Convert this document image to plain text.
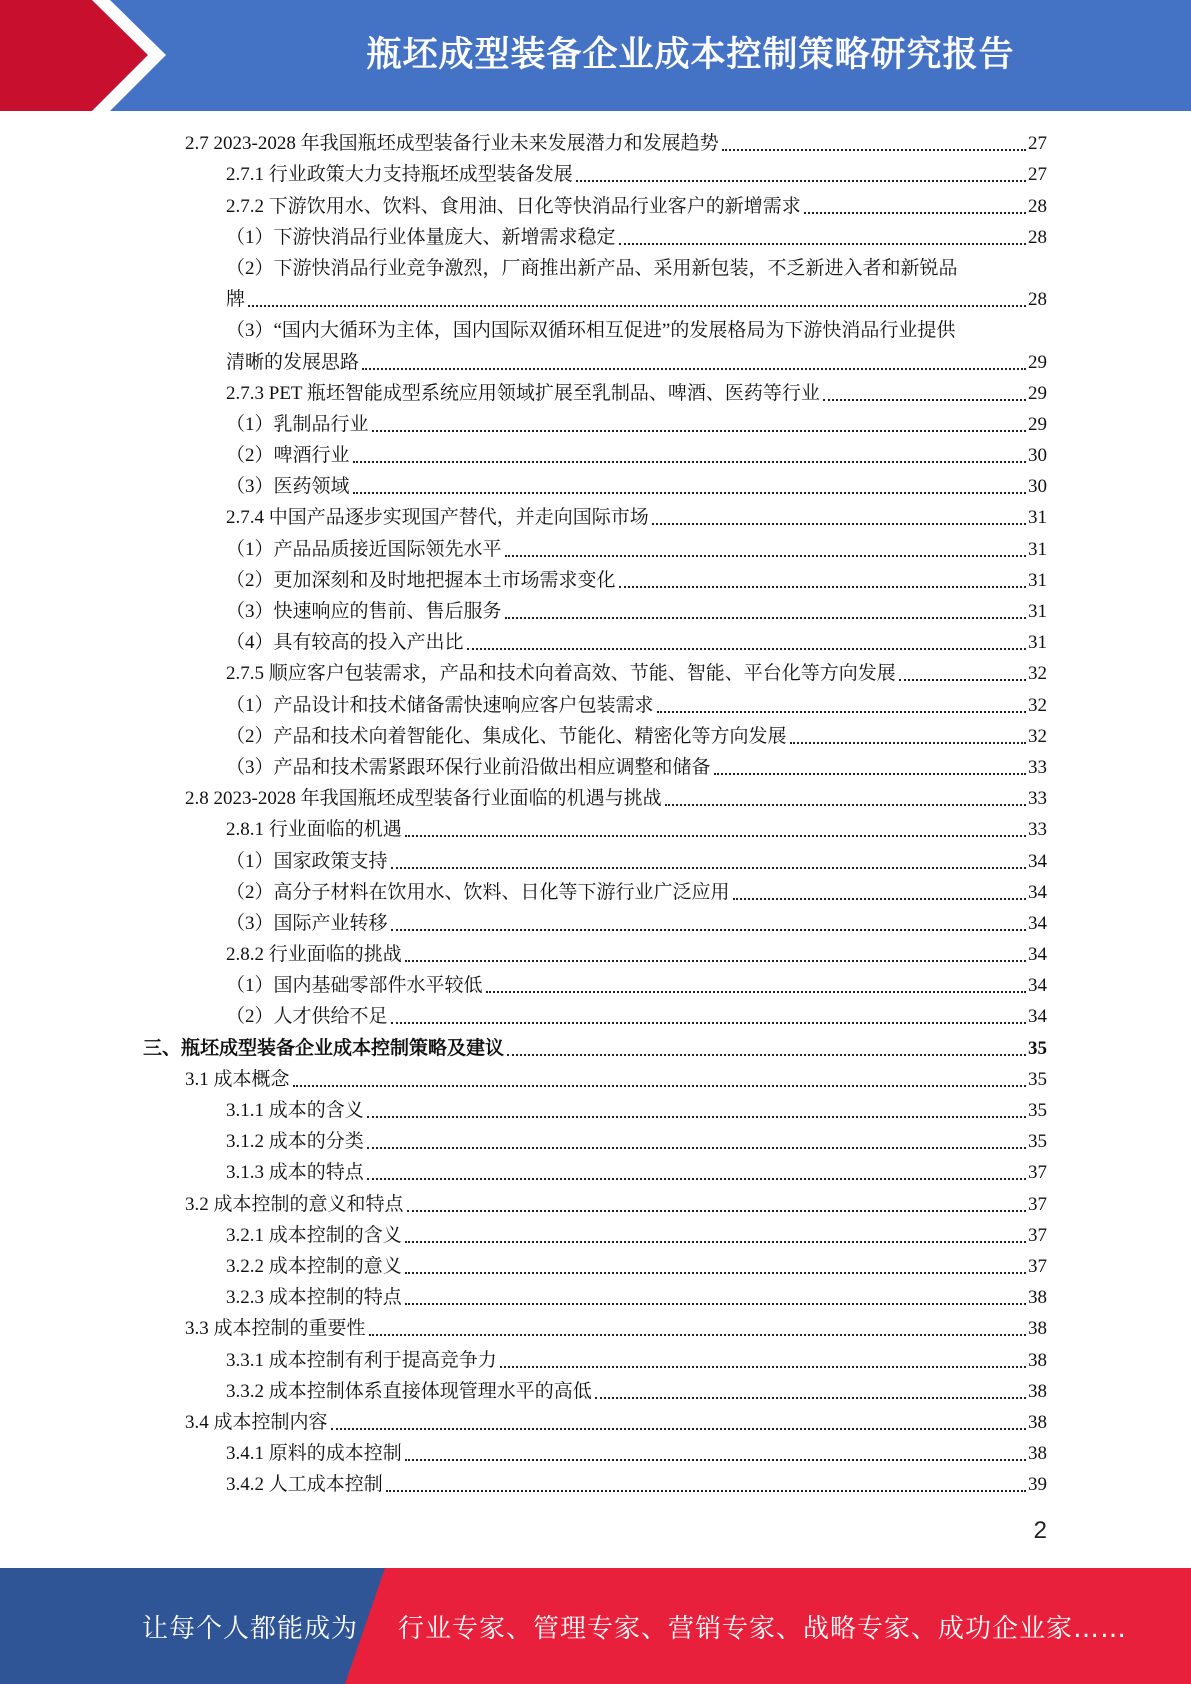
瓶坯成型装备企业成本控制策略研究报告
2.7 2023-2028 年我国瓶坯成型装备行业未来发展潜力和发展趋势	27
2.7.1 行业政策大力支持瓶坯成型装备发展	27
2.7.2 下游饮用水、饮料、食用油、日化等快消品行业客户的新增需求	28
（1）下游快消品行业体量庞大、新增需求稳定	28
（2）下游快消品行业竞争激烈，厂商推出新产品、采用新包装，不乏新进入者和新锐品
牌	28
（3）“国内大循环为主体，国内国际双循环相互促进”的发展格局为下游快消品行业提供
清晰的发展思路	29
2.7.3 PET 瓶坯智能成型系统应用领域扩展至乳制品、啤酒、医药等行业	29
（1）乳制品行业	29
（2）啤酒行业	30
（3）医药领域	30
2.7.4 中国产品逐步实现国产替代，并走向国际市场	31
（1）产品品质接近国际领先水平	31
（2）更加深刻和及时地把握本土市场需求变化	31
（3）快速响应的售前、售后服务	31
（4）具有较高的投入产出比	31
2.7.5 顺应客户包装需求，产品和技术向着高效、节能、智能、平台化等方向发展	32
（1）产品设计和技术储备需快速响应客户包装需求	32
（2）产品和技术向着智能化、集成化、节能化、精密化等方向发展	32
（3）产品和技术需紧跟环保行业前沿做出相应调整和储备	33
2.8 2023-2028 年我国瓶坯成型装备行业面临的机遇与挑战	33
2.8.1 行业面临的机遇	33
（1）国家政策支持	34
（2）高分子材料在饮用水、饮料、日化等下游行业广泛应用	34
（3）国际产业转移	34
2.8.2 行业面临的挑战	34
（1）国内基础零部件水平较低	34
（2）人才供给不足	34
三、瓶坯成型装备企业成本控制策略及建议	35
3.1 成本概念	35
3.1.1 成本的含义	35
3.1.2 成本的分类	35
3.1.3 成本的特点	37
3.2 成本控制的意义和特点	37
3.2.1 成本控制的含义	37
3.2.2 成本控制的意义	37
3.2.3 成本控制的特点	38
3.3 成本控制的重要性	38
3.3.1 成本控制有利于提高竞争力	38
3.3.2 成本控制体系直接体现管理水平的高低	38
3.4 成本控制内容	38
3.4.1 原料的成本控制	38
3.4.2 人工成本控制	39
2
让每个人都能成为 行业专家、管理专家、营销专家、战略专家、成功企业家……
